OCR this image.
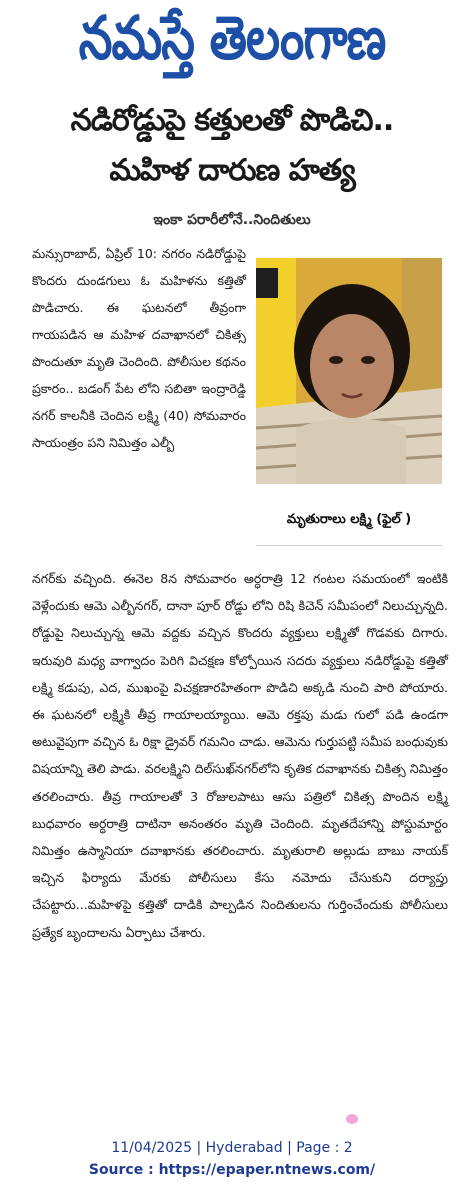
నమస్తే తెలంగాణ
నడిరోడ్డుపై కత్తులతో పొడిచి..
మహిళ దారుణ హత్య
ఇంకా పరారీలోనే..నిందితులు
మన్సురాబాద్, ఏప్రిల్ 10: నగరం నడిరోడ్డుపై కొందరు దుండగులు ఓ మహిళను కత్తితో పొడిచారు. ఈ ఘటనలో తీవ్రంగా గాయపడిన ఆ మహిళ దవాఖానలో చికిత్స పొందుతూ మృతి చెందింది. పోలీసుల కథనం ప్రకారం.. బడంగ్ పేట లోని సబితా ఇంద్రారెడ్డి నగర్ కాలనీకి చెందిన లక్ష్మి (40) సోమవారం సాయంత్రం పని నిమిత్తం ఎల్బీ
మృతురాలు లక్ష్మి (ఫైల్ )
నగర్‌కు వచ్చింది. ఈనెల 8న సోమవారం అర్ధరాత్రి 12 గంటల సమయంలో ఇంటికి వెళ్లేందుకు ఆమె ఎల్బీనగర్, దానా పూర్ రోడ్డు లోని రిషి కిచెన్ సమీపంలో నిలుచ్చున్నది. రోడ్డుపై నిలుచ్చున్న ఆమె వద్దకు వచ్చిన కొందరు వ్యక్తులు లక్ష్మితో గొడవకు దిగారు. ఇరువురి మధ్య వాగ్వాదం పెరిగి విచక్షణ కోల్పోయిన సదరు వ్యక్తులు నడిరోడ్డుపై కత్తితో లక్ష్మి కడుపు, ఎద, ముఖంపై విచక్షణారహితంగా పొడిచి అక్కడి నుంచి పారి పోయారు. ఈ ఘటనలో లక్ష్మికి తీవ్ర గాయాలయ్యాయి. ఆమె రక్తపు మడు గులో పడి ఉండగా అటువైపుగా వచ్చిన ఓ రిక్షా డ్రైవర్ గమనిం చాడు. ఆమెను గుర్తుపట్టి సమీప బంధువుకు విషయాన్ని తెలి పాడు. వరలక్ష్మిని దిల్‌సుఖ్‌నగర్‌లోని కృతిక దవాఖానకు చికిత్స నిమిత్తం తరలించారు. తీవ్ర గాయాలతో 3 రోజులపాటు ఆసు పత్రిలో చికిత్స పొందిన లక్ష్మి బుధవారం అర్ధరాత్రి దాటినా అనంతరం మృతి చెందింది. మృతదేహాన్ని పోస్టుమార్టం నిమిత్తం ఉస్మానియా దవాఖానకు తరలించారు. మృతురాలి అల్లుడు బాబు నాయక్ ఇచ్చిన ఫిర్యాదు మేరకు పోలీసులు కేసు నమోదు చేసుకుని దర్యాప్తు చేపట్టారు...మహిళపై కత్తితో దాడికి పాల్పడిన నిందితులను గుర్తించేందుకు పోలీసులు ప్రత్యేక బృందాలను ఏర్పాటు చేశారు.
11/04/2025 | Hyderabad | Page : 2
Source : https://epaper.ntnews.com/
